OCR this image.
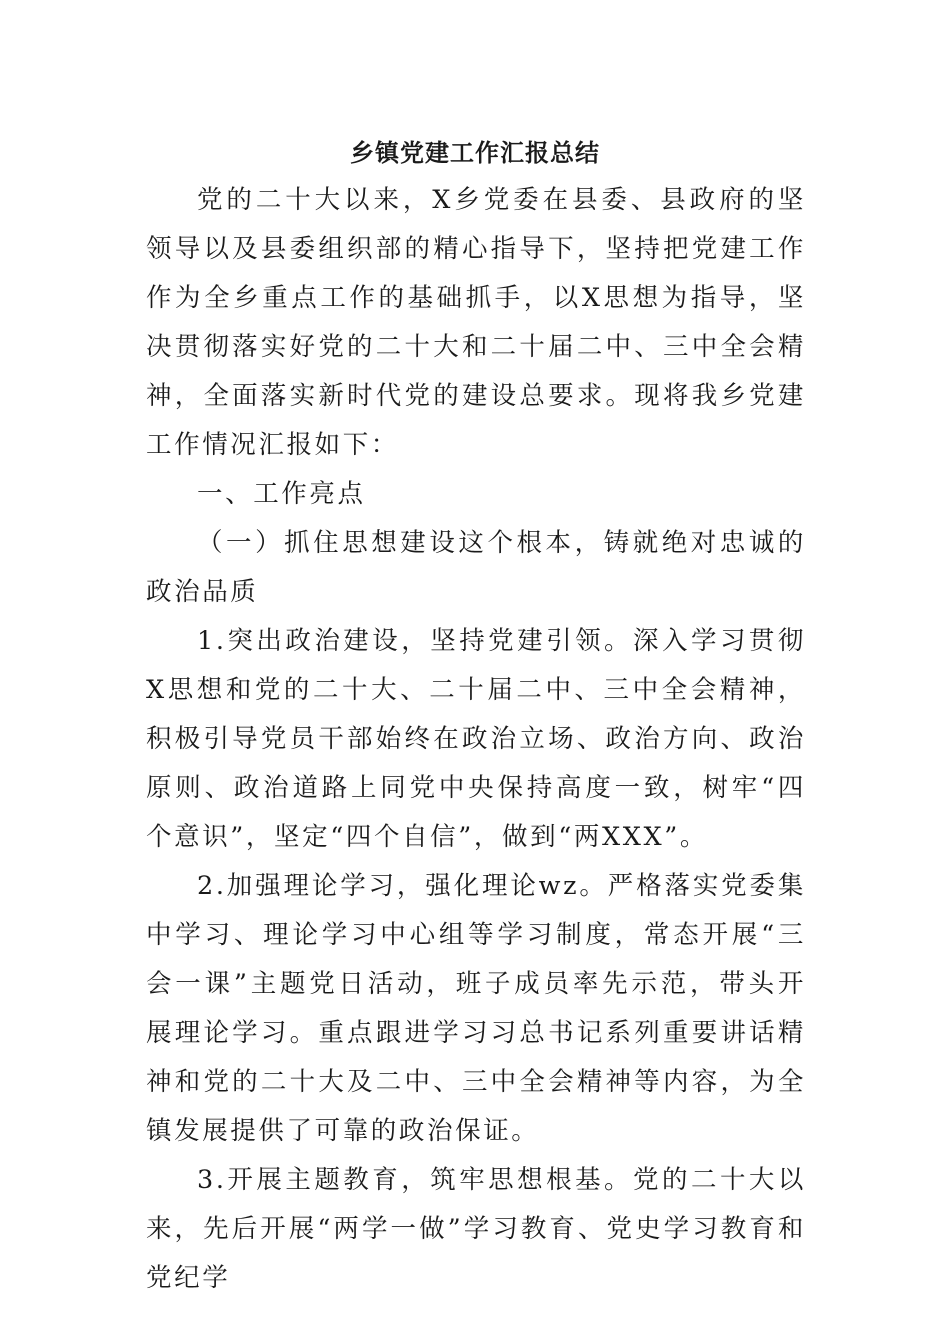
乡镇党建工作汇报总结

党的二十大以来，X乡党委在县委、县政府的坚领导以及县委组织部的精心指导下，坚持把党建工作作为全乡重点工作的基础抓手，以X思想为指导，坚决贯彻落实好党的二十大和二十届二中、三中全会精神，全面落实新时代党的建设总要求。现将我乡党建工作情况汇报如下：

一、工作亮点

（一）抓住思想建设这个根本，铸就绝对忠诚的政治品质

1.突出政治建设，坚持党建引领。深入学习贯彻X思想和党的二十大、二十届二中、三中全会精神，积极引导党员干部始终在政治立场、政治方向、政治原则、政治道路上同党中央保持高度一致，树牢“四个意识”，坚定“四个自信”，做到“两XXX”。

2.加强理论学习，强化理论wz。严格落实党委集中学习、理论学习中心组等学习制度，常态开展“三会一课”主题党日活动，班子成员率先示范，带头开展理论学习。重点跟进学习习总书记系列重要讲话精神和党的二十大及二中、三中全会精神等内容，为全镇发展提供了可靠的政治保证。

3.开展主题教育，筑牢思想根基。党的二十大以来，先后开展“两学一做”学习教育、党史学习教育和党纪学
